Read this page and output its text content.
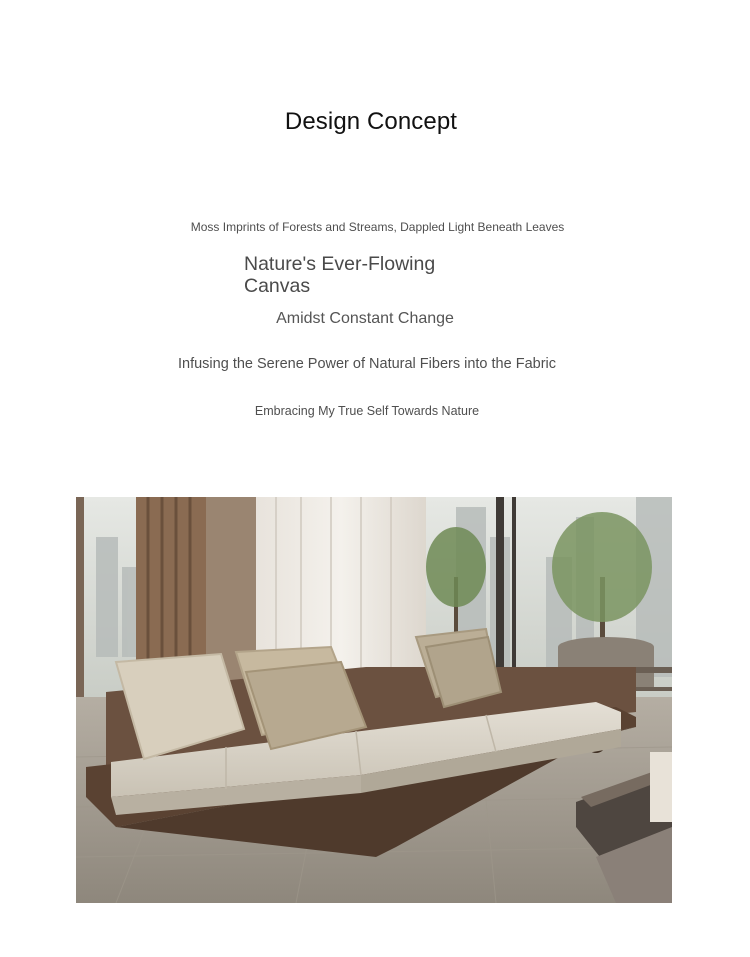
Design Concept
Moss Imprints of Forests and Streams, Dappled Light Beneath Leaves
Nature's Ever-Flowing Canvas
Amidst Constant Change
Infusing the Serene Power of Natural Fibers into the Fabric
Embracing My True Self Towards Nature
